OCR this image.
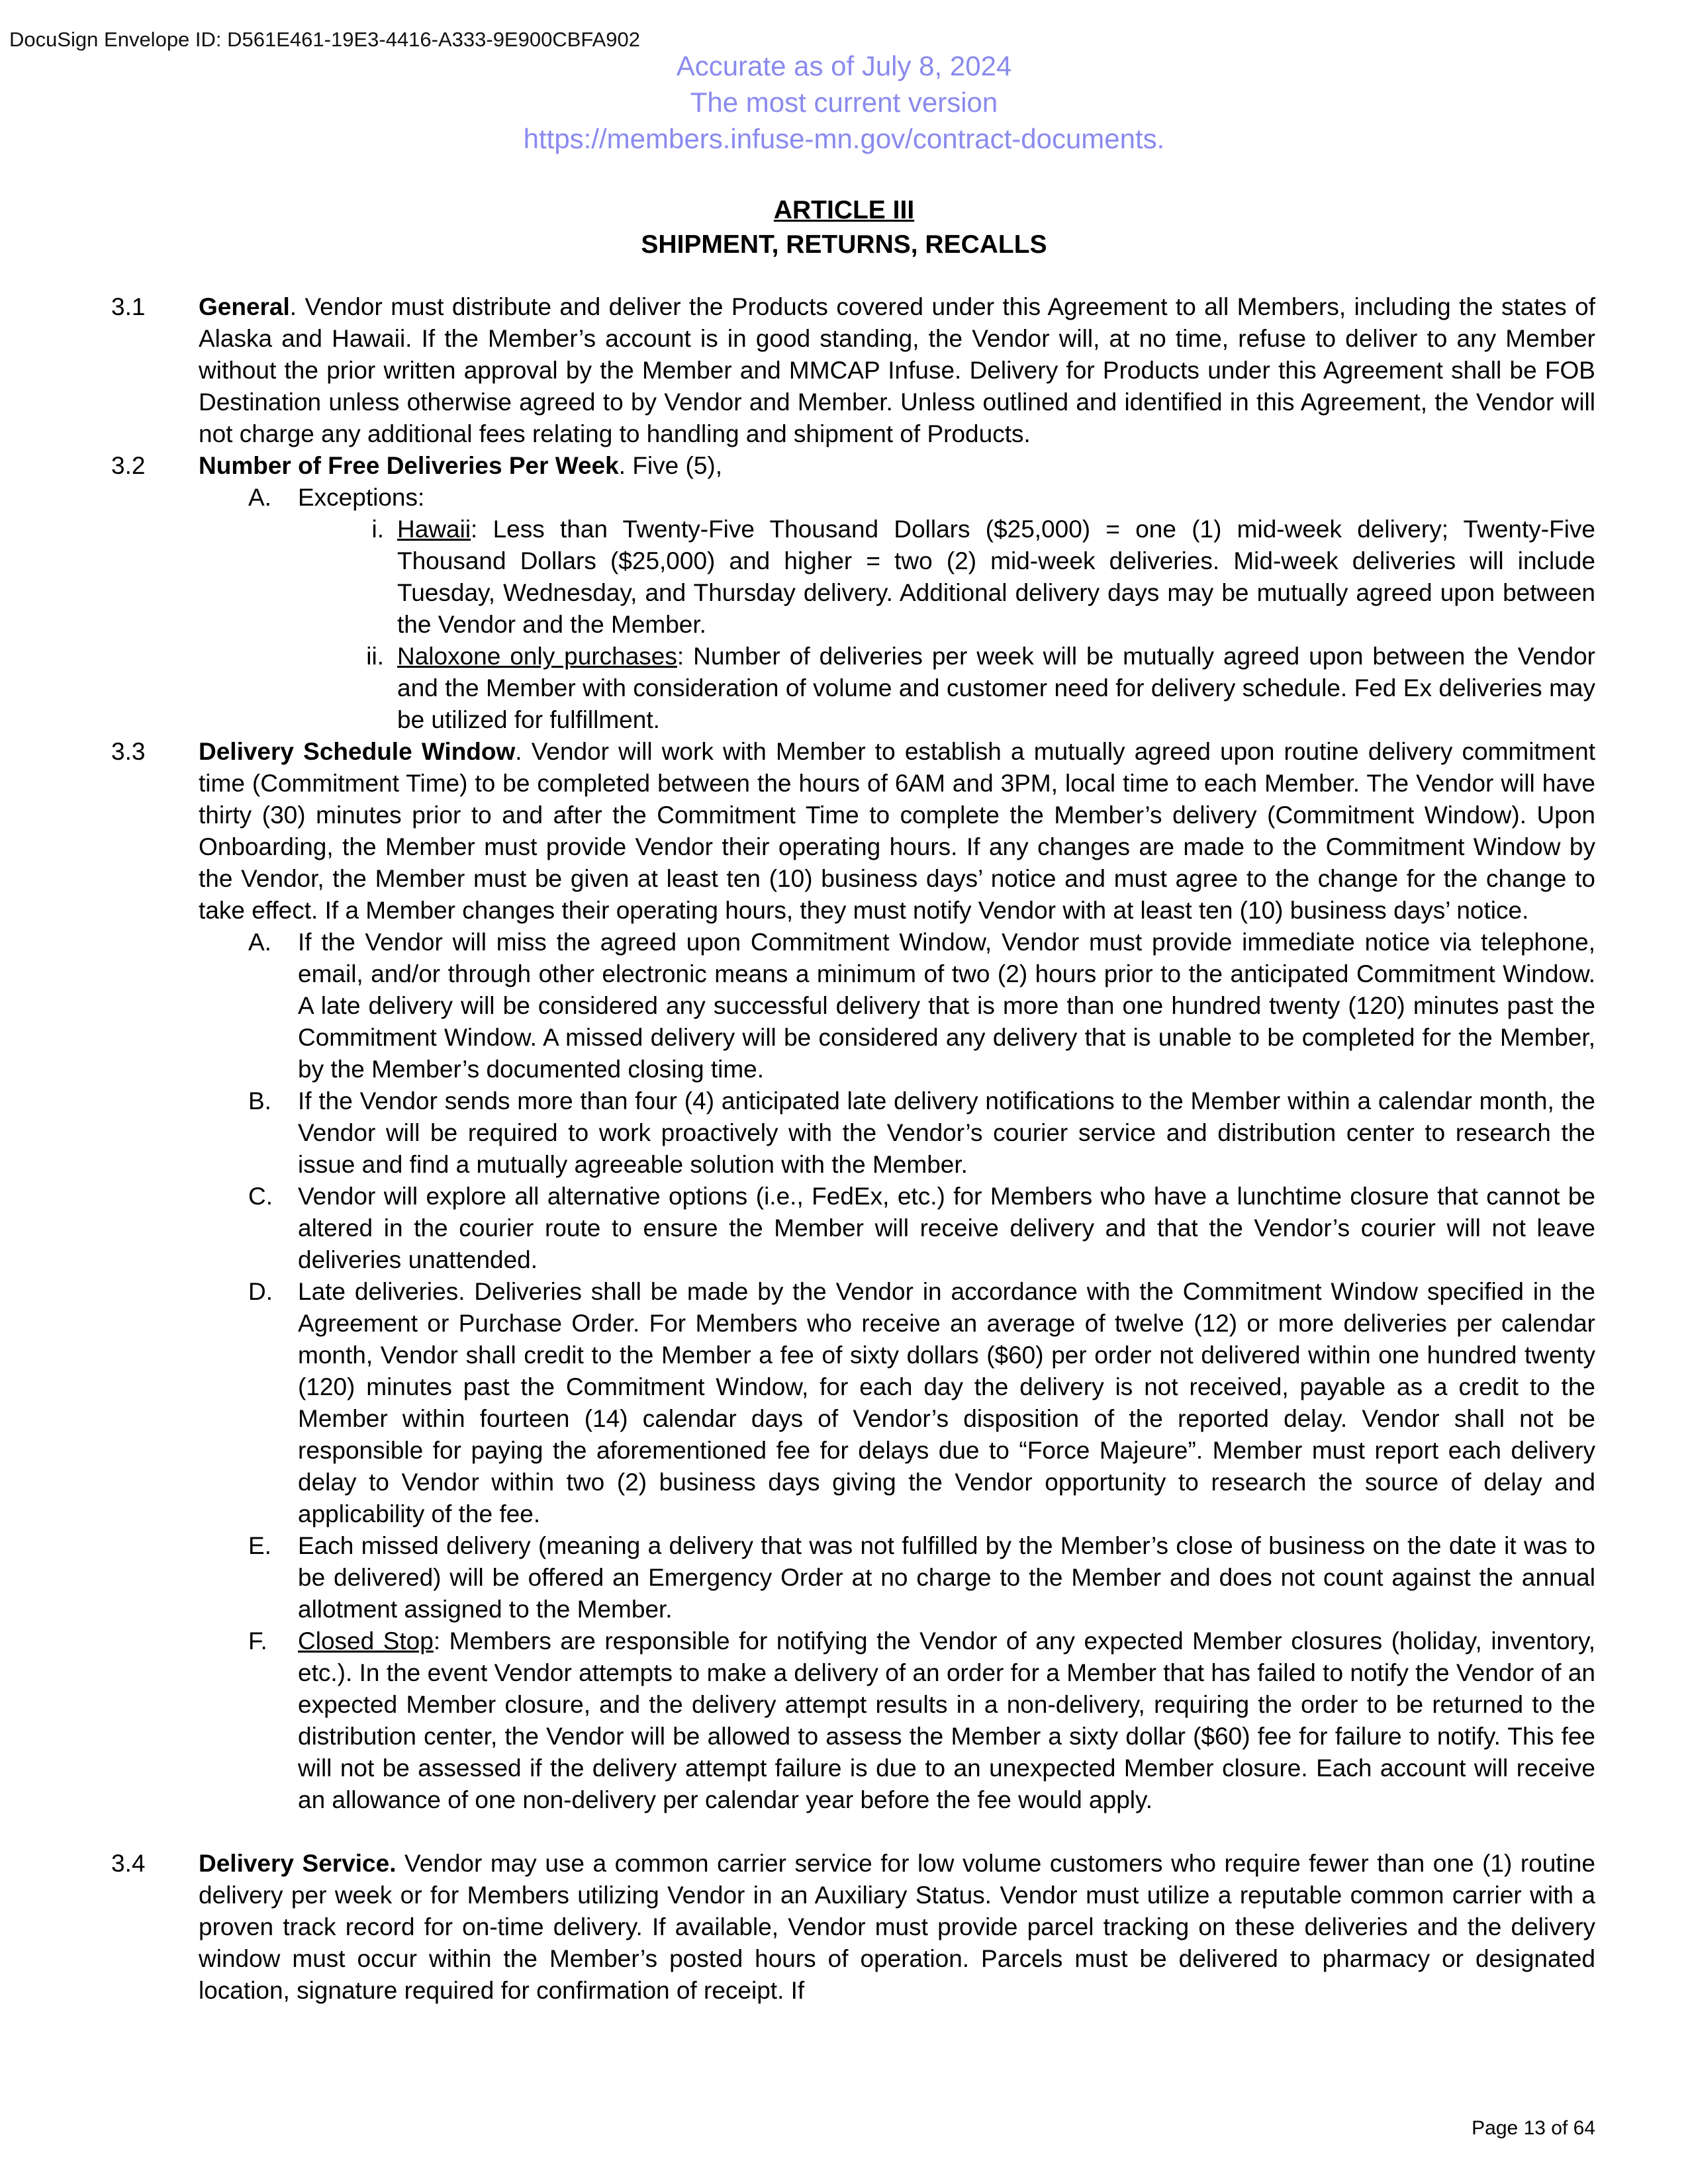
DocuSign Envelope ID: D561E461-19E3-4416-A333-9E900CBFA902
Accurate as of July 8, 2024
The most current version
https://members.infuse-mn.gov/contract-documents.
ARTICLE III
SHIPMENT, RETURNS, RECALLS
3.1 General. Vendor must distribute and deliver the Products covered under this Agreement to all Members, including the states of Alaska and Hawaii. If the Member’s account is in good standing, the Vendor will, at no time, refuse to deliver to any Member without the prior written approval by the Member and MMCAP Infuse. Delivery for Products under this Agreement shall be FOB Destination unless otherwise agreed to by Vendor and Member. Unless outlined and identified in this Agreement, the Vendor will not charge any additional fees relating to handling and shipment of Products.
3.2 Number of Free Deliveries Per Week. Five (5),
A. Exceptions:
i. Hawaii: Less than Twenty-Five Thousand Dollars ($25,000) = one (1) mid-week delivery; Twenty-Five Thousand Dollars ($25,000) and higher = two (2) mid-week deliveries. Mid-week deliveries will include Tuesday, Wednesday, and Thursday delivery. Additional delivery days may be mutually agreed upon between the Vendor and the Member.
ii. Naloxone only purchases: Number of deliveries per week will be mutually agreed upon between the Vendor and the Member with consideration of volume and customer need for delivery schedule. Fed Ex deliveries may be utilized for fulfillment.
3.3 Delivery Schedule Window. Vendor will work with Member to establish a mutually agreed upon routine delivery commitment time (Commitment Time) to be completed between the hours of 6AM and 3PM, local time to each Member. The Vendor will have thirty (30) minutes prior to and after the Commitment Time to complete the Member’s delivery (Commitment Window). Upon Onboarding, the Member must provide Vendor their operating hours. If any changes are made to the Commitment Window by the Vendor, the Member must be given at least ten (10) business days’ notice and must agree to the change for the change to take effect. If a Member changes their operating hours, they must notify Vendor with at least ten (10) business days’ notice.
A. If the Vendor will miss the agreed upon Commitment Window, Vendor must provide immediate notice via telephone, email, and/or through other electronic means a minimum of two (2) hours prior to the anticipated Commitment Window. A late delivery will be considered any successful delivery that is more than one hundred twenty (120) minutes past the Commitment Window. A missed delivery will be considered any delivery that is unable to be completed for the Member, by the Member’s documented closing time.
B. If the Vendor sends more than four (4) anticipated late delivery notifications to the Member within a calendar month, the Vendor will be required to work proactively with the Vendor’s courier service and distribution center to research the issue and find a mutually agreeable solution with the Member.
C. Vendor will explore all alternative options (i.e., FedEx, etc.) for Members who have a lunchtime closure that cannot be altered in the courier route to ensure the Member will receive delivery and that the Vendor’s courier will not leave deliveries unattended.
D. Late deliveries. Deliveries shall be made by the Vendor in accordance with the Commitment Window specified in the Agreement or Purchase Order. For Members who receive an average of twelve (12) or more deliveries per calendar month, Vendor shall credit to the Member a fee of sixty dollars ($60) per order not delivered within one hundred twenty (120) minutes past the Commitment Window, for each day the delivery is not received, payable as a credit to the Member within fourteen (14) calendar days of Vendor’s disposition of the reported delay. Vendor shall not be responsible for paying the aforementioned fee for delays due to “Force Majeure”. Member must report each delivery delay to Vendor within two (2) business days giving the Vendor opportunity to research the source of delay and applicability of the fee.
E. Each missed delivery (meaning a delivery that was not fulfilled by the Member’s close of business on the date it was to be delivered) will be offered an Emergency Order at no charge to the Member and does not count against the annual allotment assigned to the Member.
F. Closed Stop: Members are responsible for notifying the Vendor of any expected Member closures (holiday, inventory, etc.). In the event Vendor attempts to make a delivery of an order for a Member that has failed to notify the Vendor of an expected Member closure, and the delivery attempt results in a non-delivery, requiring the order to be returned to the distribution center, the Vendor will be allowed to assess the Member a sixty dollar ($60) fee for failure to notify. This fee will not be assessed if the delivery attempt failure is due to an unexpected Member closure. Each account will receive an allowance of one non-delivery per calendar year before the fee would apply.
3.4 Delivery Service. Vendor may use a common carrier service for low volume customers who require fewer than one (1) routine delivery per week or for Members utilizing Vendor in an Auxiliary Status. Vendor must utilize a reputable common carrier with a proven track record for on-time delivery. If available, Vendor must provide parcel tracking on these deliveries and the delivery window must occur within the Member’s posted hours of operation. Parcels must be delivered to pharmacy or designated location, signature required for confirmation of receipt. If
Page 13 of 64
